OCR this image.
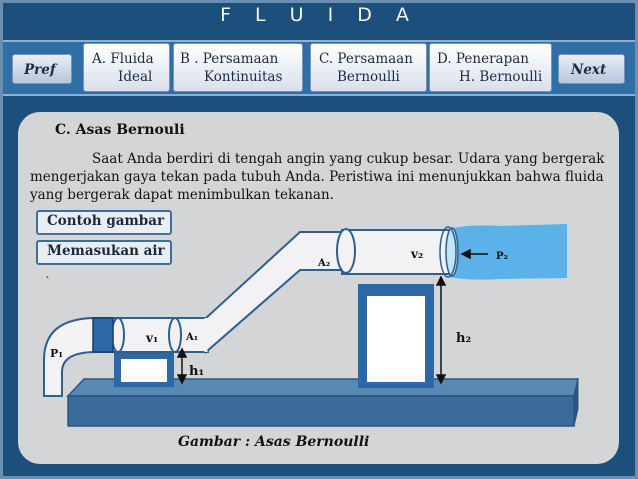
F L U I D A
Pref
A. Fluida
Ideal
B . Persamaan
Kontinuitas
C. Persamaan
Bernoulli
D. Penerapan
H. Bernoulli	Next
C. Asas Bernouli

Saat Anda berdiri di tengah angin yang cukup besar. Udara yang bergerak mengerjakan gaya tekan pada tubuh Anda. Peristiwa ini menunjukkan bahwa fluida yang bergerak dapat menimbulkan tekanan.

Contoh gambar
Memasukan air
`
P₁
v₁	A₁
h₁
A₂
v₂	P₂
h₂
Gambar : Asas Bernoulli
